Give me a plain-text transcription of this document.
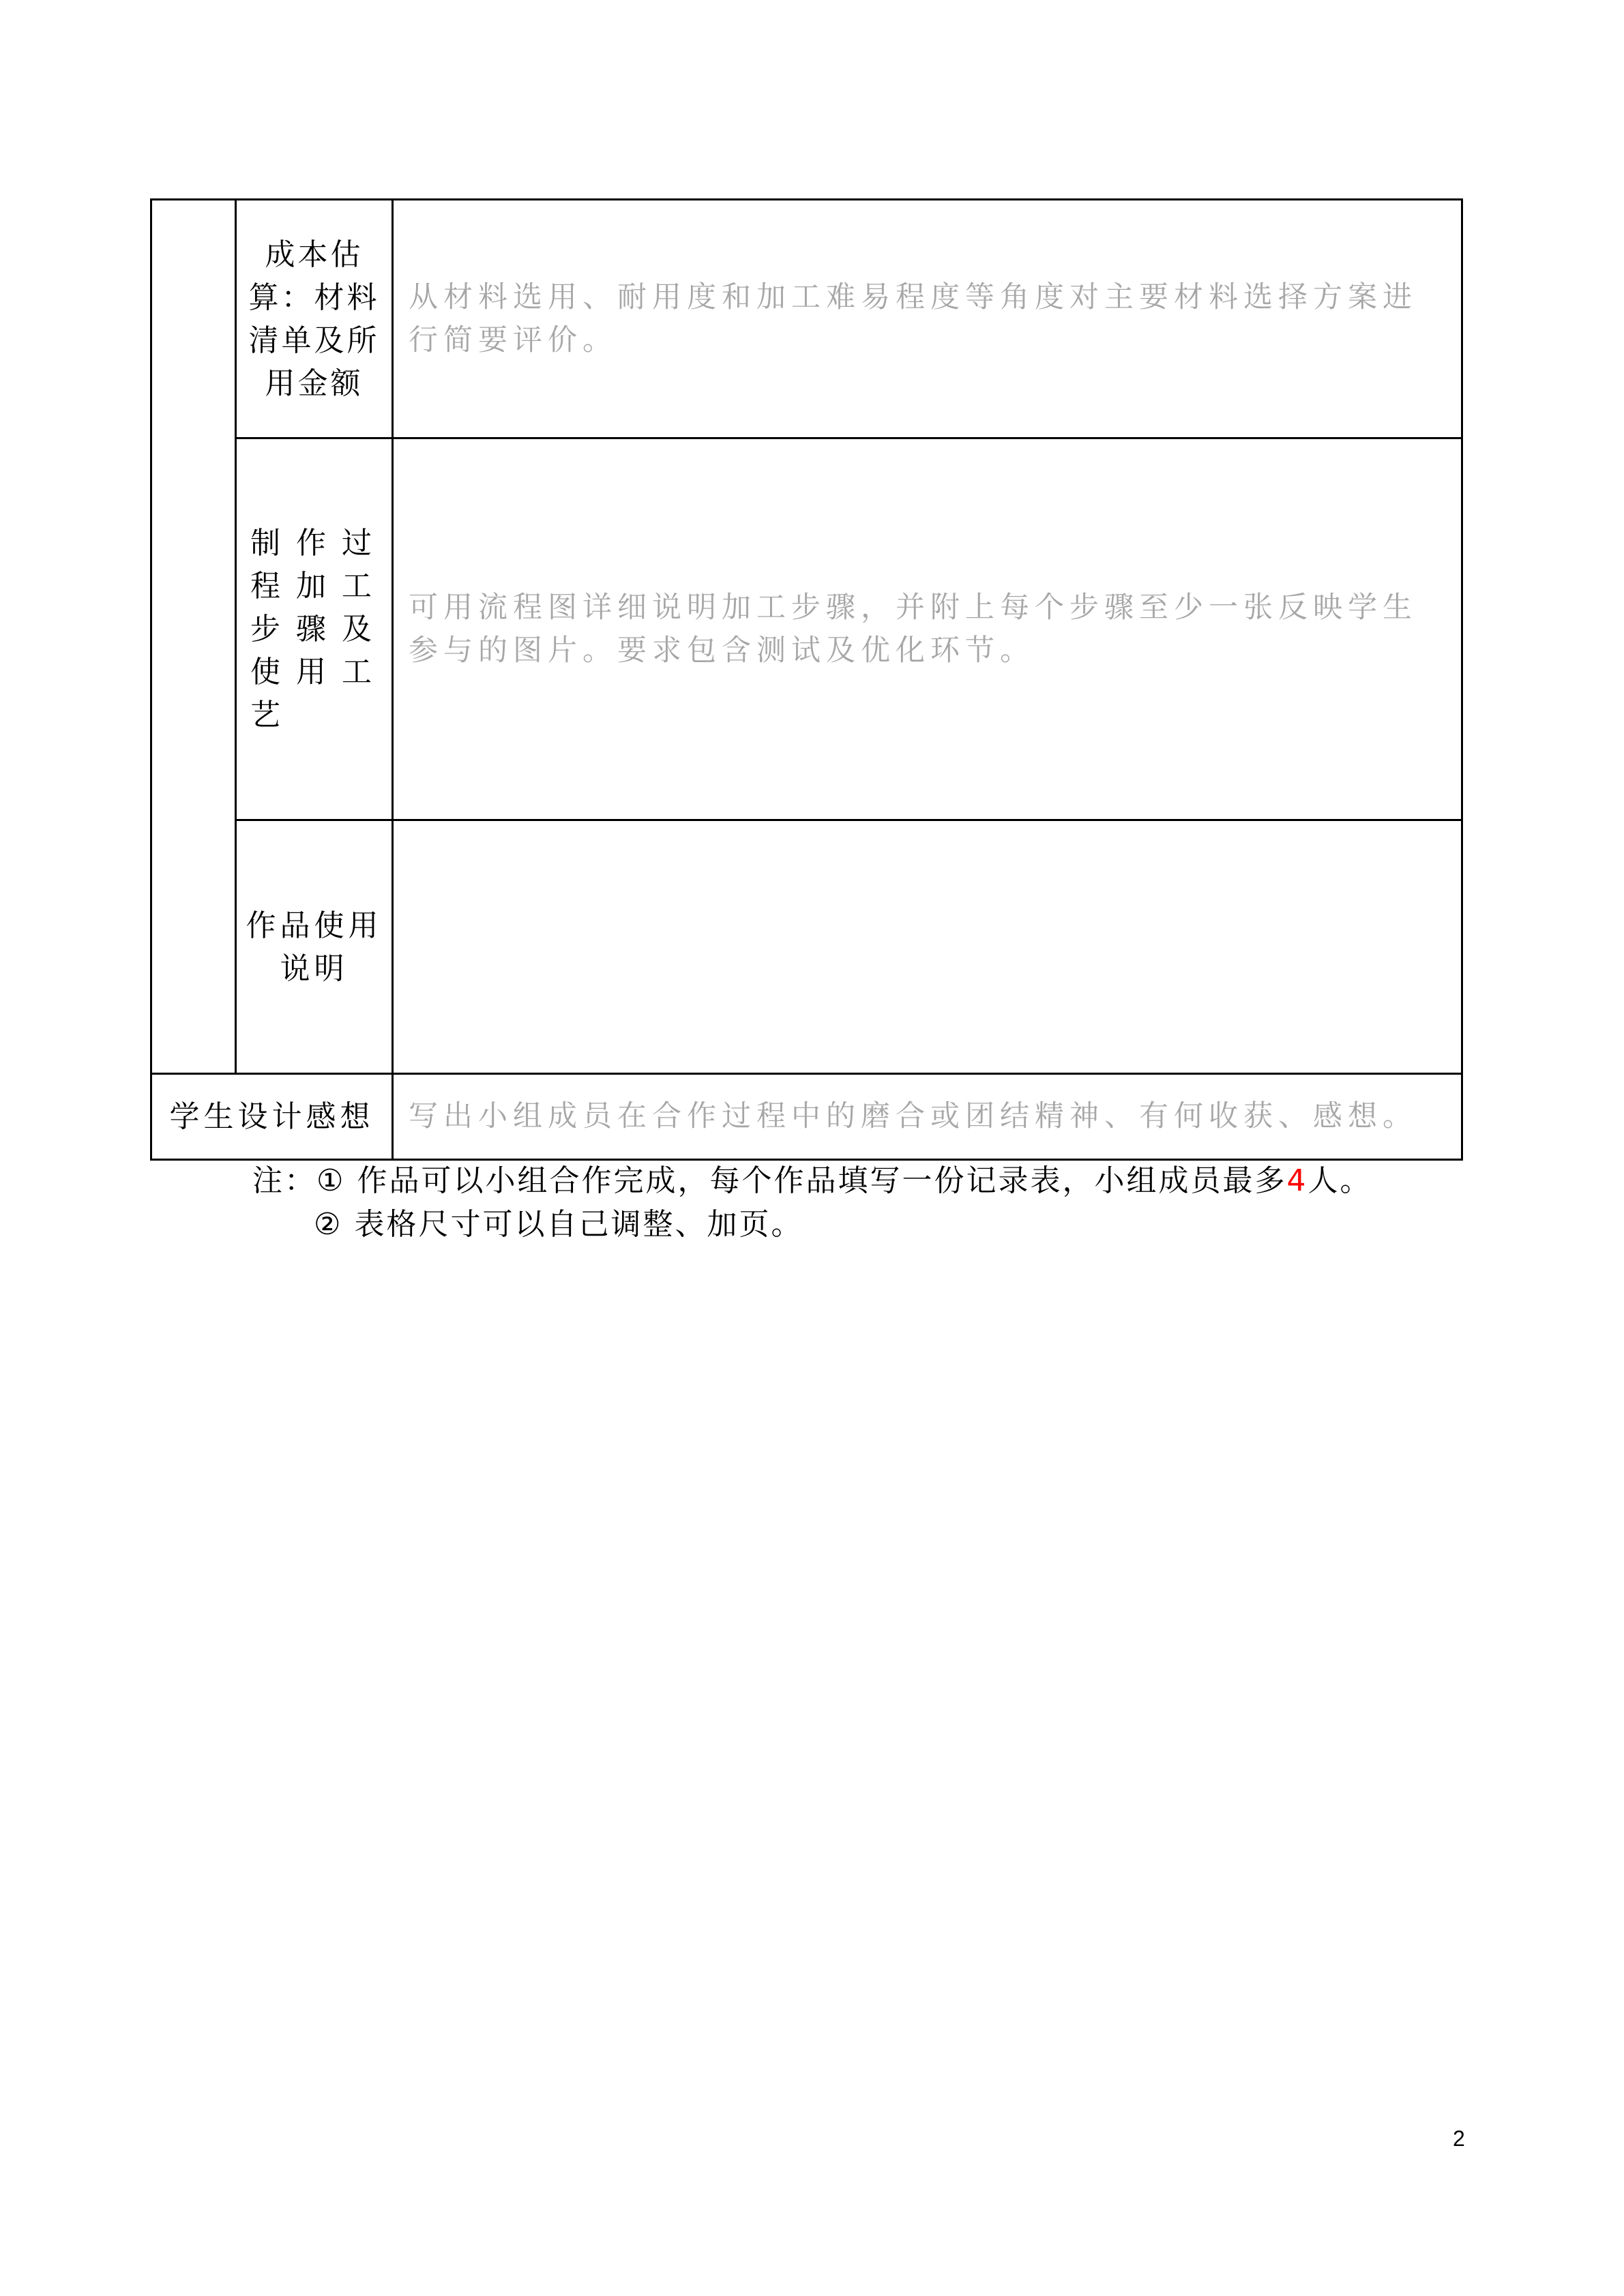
	成本估算：材料清单及所用金额	从材料选用、耐用度和加工难易程度等角度对主要材料选择方案进行简要评价。

	制作过程加工步骤及使用工艺	可用流程图详细说明加工步骤，并附上每个步骤至少一张反映学生参与的图片。要求包含测试及优化环节。

	作品使用说明	

学生设计感想		写出小组成员在合作过程中的磨合或团结精神、有何收获、感想。
注：① 作品可以小组合作完成，每个作品填写一份记录表，小组成员最多4人。
② 表格尺寸可以自己调整、加页。
2
